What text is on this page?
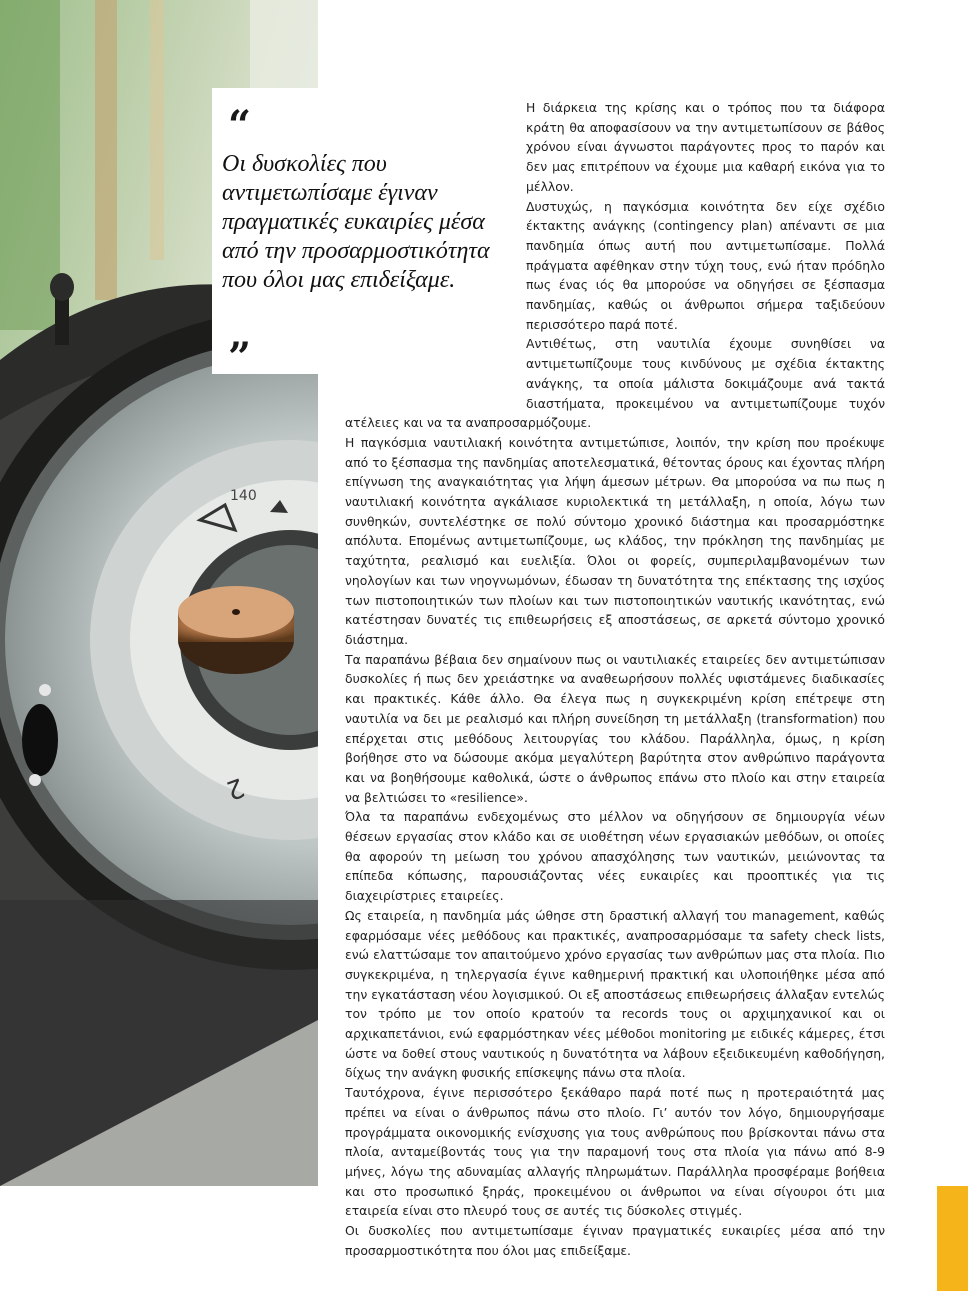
140
2
“

Οι δυσκολίες που αντιμετωπίσαμε έγιναν πραγματικές ευκαιρίες μέσα από την προσαρμοστικότητα που όλοι μας επιδείξαμε.

”

Η διάρκεια της κρίσης και ο τρόπος που τα διάφορα κράτη θα αποφασίσουν να την αντιμετωπίσουν σε βάθος χρόνου είναι άγνωστοι παράγοντες προς το παρόν και δεν μας επιτρέπουν να έχουμε μια καθαρή εικόνα για το μέλλον.

Δυστυχώς, η παγκόσμια κοινότητα δεν είχε σχέδιο έκτακτης ανάγκης (contingency plan) απέναντι σε μια πανδημία όπως αυτή που αντιμετωπίσαμε. Πολλά πράγματα αφέθηκαν στην τύχη τους, ενώ ήταν πρόδηλο πως ένας ιός θα μπορούσε να οδηγήσει σε ξέσπασμα πανδημίας, καθώς οι άνθρωποι σήμερα ταξιδεύουν περισσότερο παρά ποτέ.

Αντιθέτως, στη ναυτιλία έχουμε συνηθίσει να αντιμετωπίζουμε τους κινδύνους με σχέδια έκτακτης ανάγκης, τα οποία μάλιστα δοκιμάζουμε ανά τακτά διαστήματα, προκειμένου να αντιμετωπίζουμε τυχόν ατέλειες και να τα αναπροσαρμόζουμε.

Η παγκόσμια ναυτιλιακή κοινότητα αντιμετώπισε, λοιπόν, την κρίση που προέκυψε από το ξέσπασμα της πανδημίας αποτελεσματικά, θέτοντας όρους και έχοντας πλήρη επίγνωση της αναγκαιότητας για λήψη άμεσων μέτρων. Θα μπορούσα να πω πως η ναυτιλιακή κοινότητα αγκάλιασε κυριολεκτικά τη μετάλλαξη, η οποία, λόγω των συνθηκών, συντελέστηκε σε πολύ σύντομο χρονικό διάστημα και προσαρμόστηκε απόλυτα. Επομένως αντιμετωπίζουμε, ως κλάδος, την πρόκληση της πανδημίας με ταχύτητα, ρεαλισμό και ευελιξία. Όλοι οι φορείς, συμπεριλαμβανομένων των νηολογίων και των νηογνωμόνων, έδωσαν τη δυνατότητα της επέκτασης της ισχύος των πιστοποιητικών των πλοίων και των πιστοποιητικών ναυτικής ικανότητας, ενώ κατέστησαν δυνατές τις επιθεωρήσεις εξ αποστάσεως, σε αρκετά σύντομο χρονικό διάστημα.

Τα παραπάνω βέβαια δεν σημαίνουν πως οι ναυτιλιακές εταιρείες δεν αντιμετώπισαν δυσκολίες ή πως δεν χρειάστηκε να αναθεωρήσουν πολλές υφιστάμενες διαδικασίες και πρακτικές. Κάθε άλλο. Θα έλεγα πως η συγκεκριμένη κρίση επέτρεψε στη ναυτιλία να δει με ρεαλισμό και πλήρη συνείδηση τη μετάλλαξη (transformation) που επέρχεται στις μεθόδους λειτουργίας του κλάδου. Παράλληλα, όμως, η κρίση βοήθησε στο να δώσουμε ακόμα μεγαλύτερη βαρύτητα στον ανθρώπινο παράγοντα και να βοηθήσουμε καθολικά, ώστε ο άνθρωπος επάνω στο πλοίο και στην εταιρεία να βελτιώσει το «resilience».

Όλα τα παραπάνω ενδεχομένως στο μέλλον να οδηγήσουν σε δημιουργία νέων θέσεων εργασίας στον κλάδο και σε υιοθέτηση νέων εργασιακών μεθόδων, οι οποίες θα αφορούν τη μείωση του χρόνου απασχόλησης των ναυτικών, μειώνοντας τα επίπεδα κόπωσης, παρουσιάζοντας νέες ευκαιρίες και προοπτικές για τις διαχειρίστριες εταιρείες.

Ως εταιρεία, η πανδημία μάς ώθησε στη δραστική αλλαγή του management, καθώς εφαρμόσαμε νέες μεθόδους και πρακτικές, αναπροσαρμόσαμε τα safety check lists, ενώ ελαττώσαμε τον απαιτούμενο χρόνο εργασίας των ανθρώπων μας στα πλοία. Πιο συγκεκριμένα, η τηλεργασία έγινε καθημερινή πρακτική και υλοποιήθηκε μέσα από την εγκατάσταση νέου λογισμικού. Οι εξ αποστάσεως επιθεωρήσεις άλλαξαν εντελώς τον τρόπο με τον οποίο κρατούν τα records τους οι αρχιμηχανικοί και οι αρχικαπετάνιοι, ενώ εφαρμόστηκαν νέες μέθοδοι monitoring με ειδικές κάμερες, έτσι ώστε να δοθεί στους ναυτικούς η δυνατότητα να λάβουν εξειδικευμένη καθοδήγηση, δίχως την ανάγκη φυσικής επίσκεψης πάνω στα πλοία.

Ταυτόχρονα, έγινε περισσότερο ξεκάθαρο παρά ποτέ πως η προτεραιότητά μας πρέπει να είναι ο άνθρωπος πάνω στο πλοίο. Γι’ αυτόν τον λόγο, δημιουργήσαμε προγράμματα οικονομικής ενίσχυσης για τους ανθρώπους που βρίσκονται πάνω στα πλοία, ανταμείβοντάς τους για την παραμονή τους στα πλοία για πάνω από 8-9 μήνες, λόγω της αδυναμίας αλλαγής πληρωμάτων. Παράλληλα προσφέραμε βοήθεια και στο προσωπικό ξηράς, προκειμένου οι άνθρωποι να είναι σίγουροι ότι μια εταιρεία είναι στο πλευρό τους σε αυτές τις δύσκολες στιγμές.

Οι δυσκολίες που αντιμετωπίσαμε έγιναν πραγματικές ευκαιρίες μέσα από την προσαρμοστικότητα που όλοι μας επιδείξαμε.
